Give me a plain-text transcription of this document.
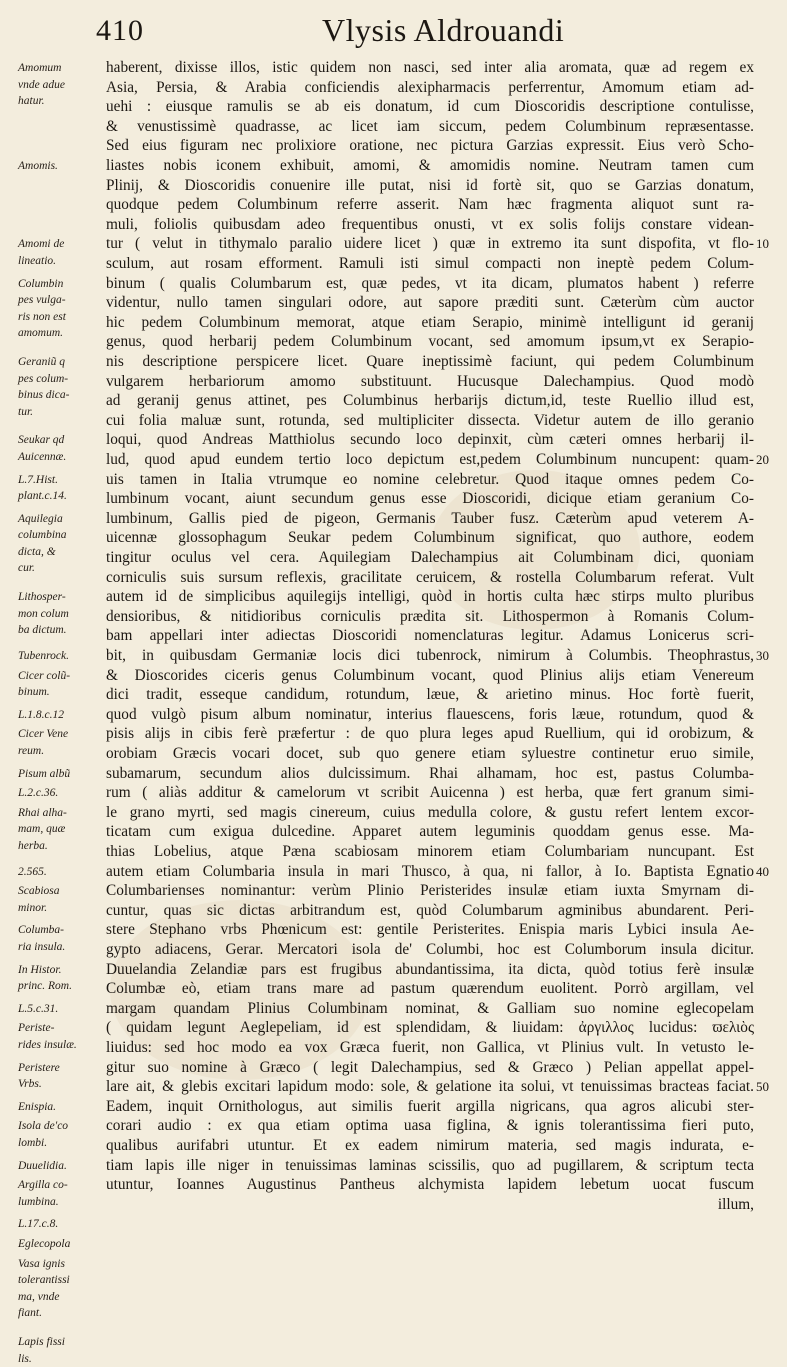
410	Vlysis Aldrouandi
Amomum
vnde adue
hatur.
Amomis.
Amomi de
lineatio.
Columbin
pes vulga-
ris non est
amomum.
Geraniũ q
pes colum-
binus dica-
tur.
Seukar qd
Auicennæ.
L.7.Hist.
plant.c.14.
Aquilegia
columbina
dicta, &
cur.
Lithosper-
mon colum
ba dictum.
Tubenrock.
Cicer colũ-
binum.
L.1.8.c.12
Cicer Vene
reum.
Pisum albũ
L.2.c.36.
Rhai alha-
mam, quæ
herba.
2.565.
Scabiosa
minor.
Columba-
ria insula.
In Histor.
princ. Rom.
L.5.c.31.
Periste-
rides insulæ.
Peristere
Vrbs.
Enispia.
Isola de'co
lombi.
Duuelidia.
Argilla co-
lumbina.
L.17.c.8.
Eglecopola
Vasa ignis
tolerantissi
ma, vnde
fiant.
Lapis fissi
lis.
haberent, dixisse illos, istic quidem non nasci, sed inter alia aromata, quæ ad regem ex
Asia, Persia, & Arabia conficiendis alexipharmacis perferrentur, Amomum etiam ad-
uehi : eiusque ramulis se ab eis donatum, id cum Dioscoridis descriptione contulisse,
& venustissimè quadrasse, ac licet iam siccum, pedem Columbinum repræsentasse.
Sed eius figuram nec prolixiore oratione, nec pictura Garzias expressit. Eius verò Scho-
liastes nobis iconem exhibuit, amomi, & amomidis nomine. Neutram tamen cum
Plinij, & Dioscoridis conuenire ille putat, nisi id fortè sit, quo se Garzias donatum,
quodque pedem Columbinum referre asserit. Nam hæc fragmenta aliquot sunt ra-
muli, foliolis quibusdam adeo frequentibus onusti, vt ex solis folijs constare videan-
tur ( velut in tithymalo paralio uidere licet ) quæ in extremo ita sunt dispofita, vt flo-
sculum, aut rosam efforment. Ramuli isti simul compacti non ineptè pedem Colum-
binum ( qualis Columbarum est, quæ pedes, vt ita dicam, plumatos habent ) referre
videntur, nullo tamen singulari odore, aut sapore præditi sunt. Cæterùm cùm auctor
hic pedem Columbinum memorat, atque etiam Serapio, minimè intelligunt id geranij
genus, quod herbarij pedem Columbinum vocant, sed amomum ipsum,vt ex Serapio-
nis descriptione perspicere licet. Quare ineptissimè faciunt, qui pedem Columbinum
vulgarem herbariorum amomo substituunt. Hucusque Dalechampius. Quod modò
ad geranij genus attinet, pes Columbinus herbarijs dictum,id, teste Ruellio illud est,
cui folia maluæ sunt, rotunda, sed multipliciter dissecta. Videtur autem de illo geranio
loqui, quod Andreas Matthiolus secundo loco depinxit, cùm cæteri omnes herbarij il-
lud, quod apud eundem tertio loco depictum est,pedem Columbinum nuncupent: quam-
uis tamen in Italia vtrumque eo nomine celebretur. Quod itaque omnes pedem Co-
lumbinum vocant, aiunt secundum genus esse Dioscoridi, dicique etiam geranium Co-
lumbinum, Gallis pied de pigeon, Germanis Tauber fusz. Cæterùm apud veterem A-
uicennæ glossophagum Seukar pedem Columbinum significat, quo authore, eodem
tingitur oculus vel cera. Aquilegiam Dalechampius ait Columbinam dici, quoniam
corniculis suis sursum reflexis, gracilitate ceruicem, & rostella Columbarum referat. Vult
autem id de simplicibus aquilegijs intelligi, quòd in hortis culta hæc stirps multo pluribus
densioribus, & nitidioribus corniculis prædita sit. Lithospermon à Romanis Colum-
bam appellari inter adiectas Dioscoridi nomenclaturas legitur. Adamus Lonicerus scri-
bit, in quibusdam Germaniæ locis dici tubenrock, nimirum à Columbis. Theophrastus,
& Dioscorides ciceris genus Columbinum vocant, quod Plinius alijs etiam Venereum
dici tradit, esseque candidum, rotundum, læue, & arietino minus. Hoc fortè fuerit,
quod vulgò pisum album nominatur, interius flauescens, foris læue, rotundum, quod &
pisis alijs in cibis ferè præfertur : de quo plura leges apud Ruellium, qui id orobizum, &
orobiam Græcis vocari docet, sub quo genere etiam syluestre continetur eruo simile,
subamarum, secundum alios dulcissimum. Rhai alhamam, hoc est, pastus Columba-
rum ( aliàs additur & camelorum vt scribit Auicenna ) est herba, quæ fert granum simi-
le grano myrti, sed magis cinereum, cuius medulla colore, & gustu refert lentem excor-
ticatam cum exigua dulcedine. Apparet autem leguminis quoddam genus esse. Ma-
thias Lobelius, atque Pæna scabiosam minorem etiam Columbariam nuncupant. Est
autem etiam Columbaria insula in mari Thusco, à qua, ni fallor, à Io. Baptista Egnatio
Columbarienses nominantur: verùm Plinio Peristerides insulæ etiam iuxta Smyrnam di-
cuntur, quas sic dictas arbitrandum est, quòd Columbarum agminibus abundarent. Peri-
stere Stephano vrbs Phœnicum est: gentile Peristerites. Enispia maris Lybici insula Ae-
gypto adiacens, Gerar. Mercatori isola de' Columbi, hoc est Columborum insula dicitur.
Duuelandia Zelandiæ pars est frugibus abundantissima, ita dicta, quòd totius ferè insulæ
Columbæ eò, etiam trans mare ad pastum quærendum euolitent. Porrò argillam, vel
margam quandam Plinius Columbinam nominat, & Galliam suo nomine eglecopelam
( quidam legunt Aeglepeliam, id est splendidam, & liuidam: ἀργιλλος lucidus: ϖελιὸς
liuidus: sed hoc modo ea vox Græca fuerit, non Gallica, vt Plinius vult. In vetusto le-
gitur suo nomine à Græco ( legit Dalechampius, sed & Græco ) Pelian appellat appel-
lare ait, & glebis excitari lapidum modo: sole, & gelatione ita solui, vt tenuissimas bracteas faciat.
Eadem, inquit Ornithologus, aut similis fuerit argilla nigricans, qua agros alicubi ster-
corari audio : ex qua etiam optima uasa figlina, & ignis tolerantissima fieri puto,
qualibus aurifabri utuntur. Et ex eadem nimirum materia, sed magis indurata, e-
tiam lapis ille niger in tenuissimas laminas scissilis, quo ad pugillarem, & scriptum tecta
utuntur, Ioannes Augustinus Pantheus alchymista lapidem lebetum uocat fuscum
illum,
10
20
30
40
50
